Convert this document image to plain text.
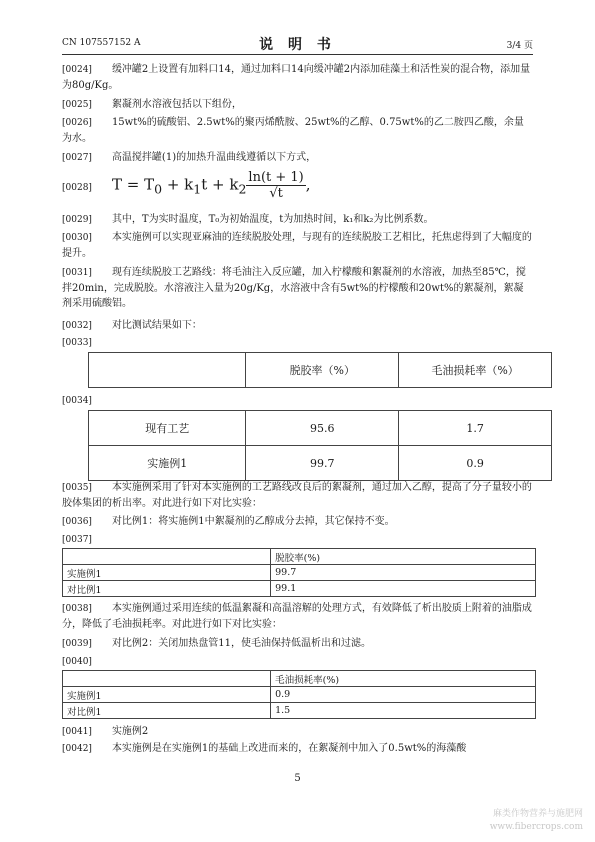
CN 107557152 A	说 明 书	3/4 页
[0024] 缓冲罐2上设置有加料口14，通过加料口14向缓冲罐2内添加硅藻土和活性炭的混合物，添加量为80g/Kg。
[0025] 絮凝剂水溶液包括以下组份，
[0026] 15wt%的硫酸铝、2.5wt%的聚丙烯酰胺、25wt%的乙醇、0.75wt%的乙二胺四乙酸，余量为水。
[0027] 高温搅拌罐(1)的加热升温曲线遵循以下方式，
[0028]	$T = T_0 + k_1t + k_2 \frac{\ln(t + 1)}{√t}$ ,
[0029] 其中，T为实时温度，T₀为初始温度，t为加热时间，k₁和k₂为比例系数。
[0030] 本实施例可以实现亚麻油的连续脱胶处理，与现有的连续脱胶工艺相比，托焦虑得到了大幅度的提升。
[0031] 现有连续脱胶工艺路线：将毛油注入反应罐，加入柠檬酸和絮凝剂的水溶液，加热至85℃，搅拌20min，完成脱胶。水溶液注入量为20g/Kg，水溶液中含有5wt%的柠檬酸和20wt%的絮凝剂，絮凝剂采用硫酸铝。
[0032] 对比测试结果如下：
[0033]
	脱胶率（%）	毛油损耗率（%）
[0034]
现有工艺	95.6	1.7
实施例1	99.7	0.9
[0035] 本实施例采用了针对本实施例的工艺路线改良后的絮凝剂，通过加入乙醇，提高了分子量较小的胶体集团的析出率。对此进行如下对比实验：
[0036] 对比例1：将实施例1中絮凝剂的乙醇成分去掉，其它保持不变。
[0037]
	脱胶率(%)
实施例1	99.7
对比例1	99.1
[0038] 本实施例通过采用连续的低温絮凝和高温溶解的处理方式，有效降低了析出胶质上附着的油脂成分，降低了毛油损耗率。对此进行如下对比实验：
[0039] 对比例2：关闭加热盘管11，使毛油保持低温析出和过滤。
[0040]
	毛油损耗率(%)
实施例1	0.9
对比例1	1.5
[0041] 实施例2
[0042] 本实施例是在实施例1的基础上改进而来的，在絮凝剂中加入了0.5wt%的海藻酸
5
麻类作物营养与施肥网
www.fibercrops.com
